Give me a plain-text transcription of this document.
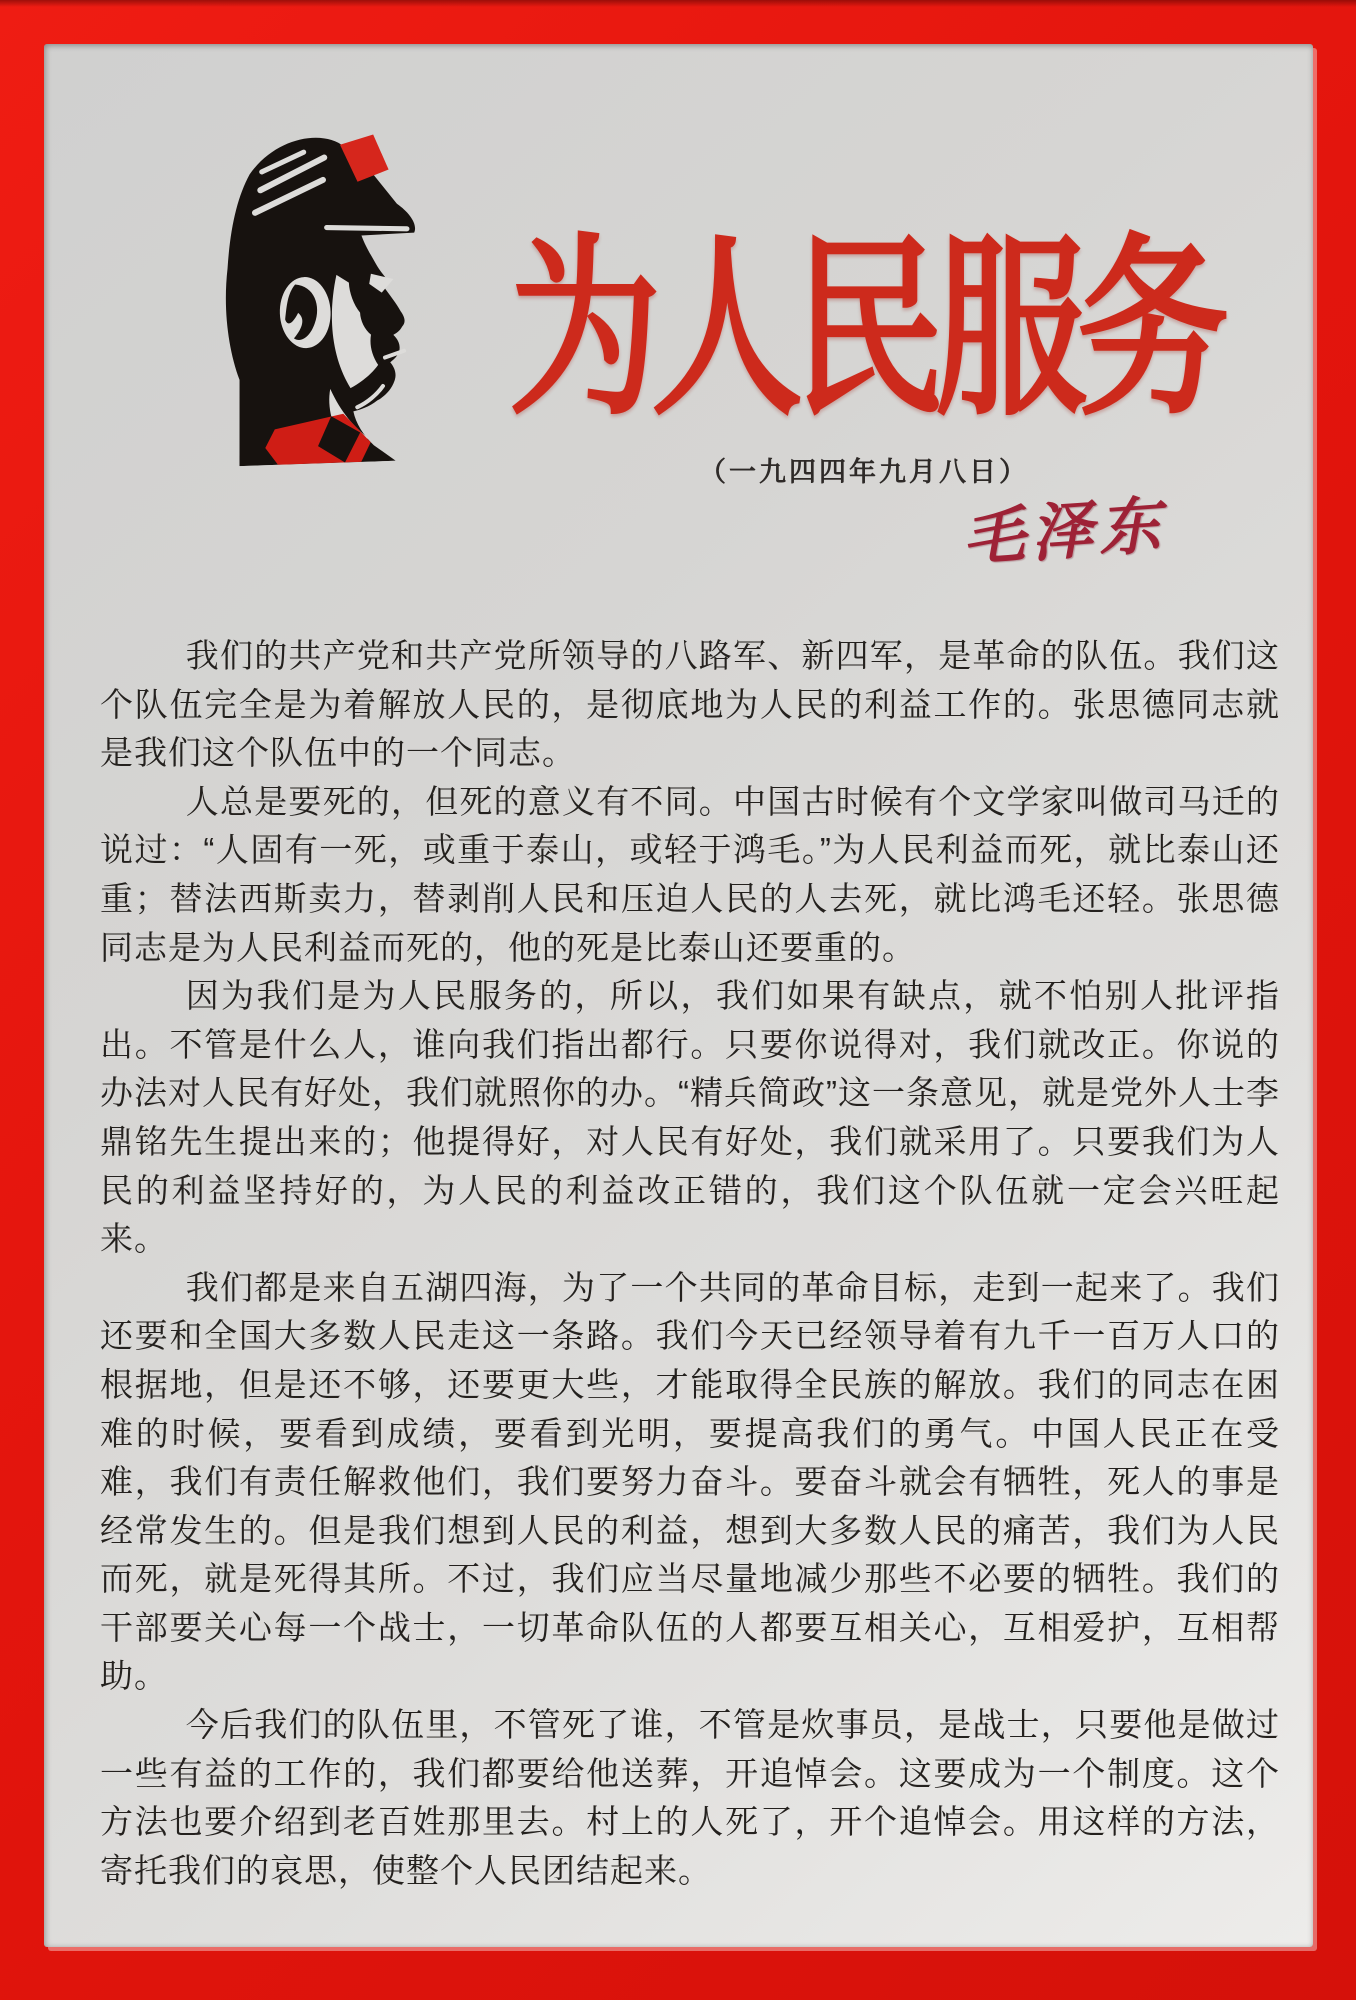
为人民服务
（一九四四年九月八日）
毛泽东

我们的共产党和共产党所领导的八路军、新四军，是革命的队伍。我们这个队伍完全是为着解放人民的，是彻底地为人民的利益工作的。张思德同志就是我们这个队伍中的一个同志。

人总是要死的，但死的意义有不同。中国古时候有个文学家叫做司马迁的说过：“人固有一死，或重于泰山，或轻于鸿毛。”为人民利益而死，就比泰山还重；替法西斯卖力，替剥削人民和压迫人民的人去死，就比鸿毛还轻。张思德同志是为人民利益而死的，他的死是比泰山还要重的。

因为我们是为人民服务的，所以，我们如果有缺点，就不怕别人批评指出。不管是什么人，谁向我们指出都行。只要你说得对，我们就改正。你说的办法对人民有好处，我们就照你的办。“精兵简政”这一条意见，就是党外人士李鼎铭先生提出来的；他提得好，对人民有好处，我们就采用了。只要我们为人民的利益坚持好的，为人民的利益改正错的，我们这个队伍就一定会兴旺起来。

我们都是来自五湖四海，为了一个共同的革命目标，走到一起来了。我们还要和全国大多数人民走这一条路。我们今天已经领导着有九千一百万人口的根据地，但是还不够，还要更大些，才能取得全民族的解放。我们的同志在困难的时候，要看到成绩，要看到光明，要提高我们的勇气。中国人民正在受难，我们有责任解救他们，我们要努力奋斗。要奋斗就会有牺牲，死人的事是经常发生的。但是我们想到人民的利益，想到大多数人民的痛苦，我们为人民而死，就是死得其所。不过，我们应当尽量地减少那些不必要的牺牲。我们的干部要关心每一个战士，一切革命队伍的人都要互相关心，互相爱护，互相帮助。

今后我们的队伍里，不管死了谁，不管是炊事员，是战士，只要他是做过一些有益的工作的，我们都要给他送葬，开追悼会。这要成为一个制度。这个方法也要介绍到老百姓那里去。村上的人死了，开个追悼会。用这样的方法，寄托我们的哀思，使整个人民团结起来。
